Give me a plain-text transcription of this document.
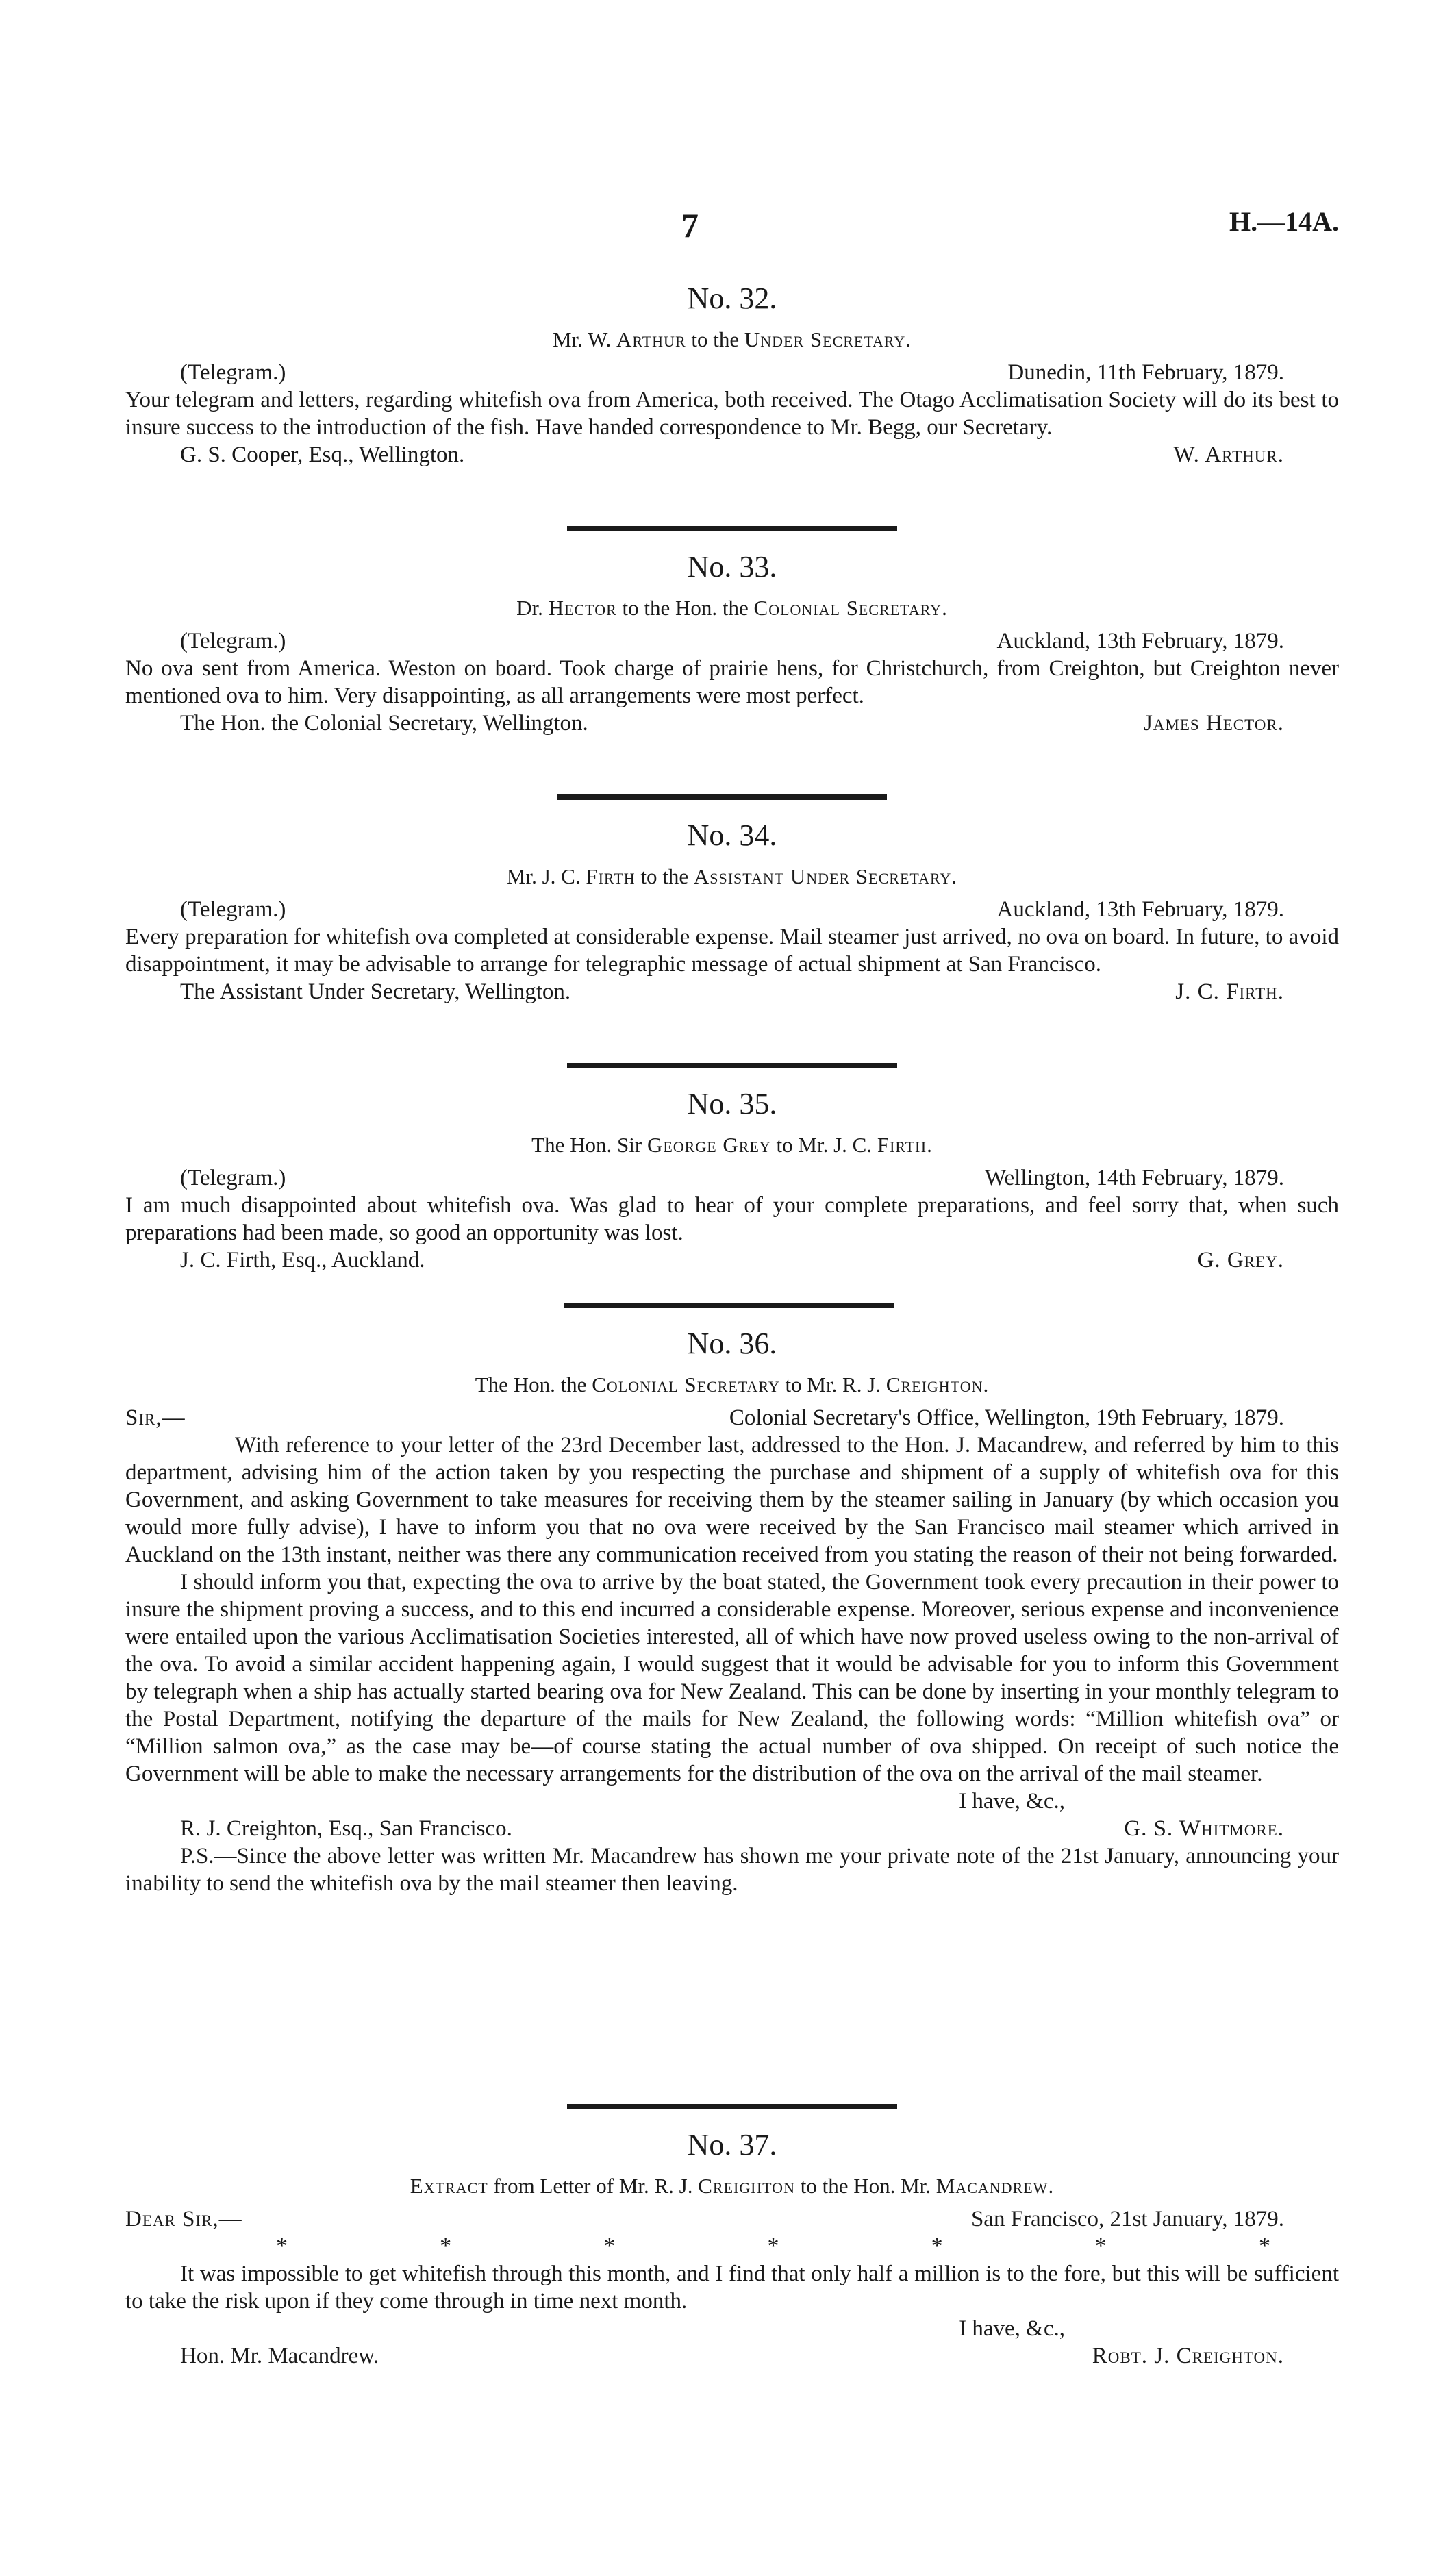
7	H.—14A.
No. 32.
Mr. W. Arthur to the Under Secretary.
(Telegram.)	Dunedin, 11th February, 1879.
Your telegram and letters, regarding whitefish ova from America, both received. The Otago Acclimatisation Society will do its best to insure success to the introduction of the fish. Have handed correspondence to Mr. Begg, our Secretary.
G. S. Cooper, Esq., Wellington.	W. Arthur.
No. 33.
Dr. Hector to the Hon. the Colonial Secretary.
(Telegram.)	Auckland, 13th February, 1879.
No ova sent from America. Weston on board. Took charge of prairie hens, for Christchurch, from Creighton, but Creighton never mentioned ova to him. Very disappointing, as all arrangements were most perfect.
The Hon. the Colonial Secretary, Wellington.	James Hector.
No. 34.
Mr. J. C. Firth to the Assistant Under Secretary.
(Telegram.)	Auckland, 13th February, 1879.
Every preparation for whitefish ova completed at considerable expense. Mail steamer just arrived, no ova on board. In future, to avoid disappointment, it may be advisable to arrange for telegraphic message of actual shipment at San Francisco.
The Assistant Under Secretary, Wellington.	J. C. Firth.
No. 35.
The Hon. Sir George Grey to Mr. J. C. Firth.
(Telegram.)	Wellington, 14th February, 1879.
I am much disappointed about whitefish ova. Was glad to hear of your complete preparations, and feel sorry that, when such preparations had been made, so good an opportunity was lost.
J. C. Firth, Esq., Auckland.	G. Grey.
No. 36.
The Hon. the Colonial Secretary to Mr. R. J. Creighton.
Sir,—	Colonial Secretary's Office, Wellington, 19th February, 1879.
With reference to your letter of the 23rd December last, addressed to the Hon. J. Macandrew, and referred by him to this department, advising him of the action taken by you respecting the purchase and shipment of a supply of whitefish ova for this Government, and asking Government to take measures for receiving them by the steamer sailing in January (by which occasion you would more fully advise), I have to inform you that no ova were received by the San Francisco mail steamer which arrived in Auckland on the 13th instant, neither was there any communication received from you stating the reason of their not being forwarded.
I should inform you that, expecting the ova to arrive by the boat stated, the Government took every precaution in their power to insure the shipment proving a success, and to this end incurred a considerable expense. Moreover, serious expense and inconvenience were entailed upon the various Acclimatisation Societies interested, all of which have now proved useless owing to the non-arrival of the ova. To avoid a similar accident happening again, I would suggest that it would be advisable for you to inform this Government by telegraph when a ship has actually started bearing ova for New Zealand. This can be done by inserting in your monthly telegram to the Postal Department, notifying the departure of the mails for New Zealand, the following words: “Million whitefish ova” or “Million salmon ova,” as the case may be—of course stating the actual number of ova shipped. On receipt of such notice the Government will be able to make the necessary arrangements for the distribution of the ova on the arrival of the mail steamer.
I have, &c.,
R. J. Creighton, Esq., San Francisco.	G. S. Whitmore.
P.S.—Since the above letter was written Mr. Macandrew has shown me your private note of the 21st January, announcing your inability to send the whitefish ova by the mail steamer then leaving.
No. 37.
Extract from Letter of Mr. R. J. Creighton to the Hon. Mr. Macandrew.
Dear Sir,—	San Francisco, 21st January, 1879.
*	*	*	*	*	*	*
It was impossible to get whitefish through this month, and I find that only half a million is to the fore, but this will be sufficient to take the risk upon if they come through in time next month.
I have, &c.,
Hon. Mr. Macandrew.	Robt. J. Creighton.
